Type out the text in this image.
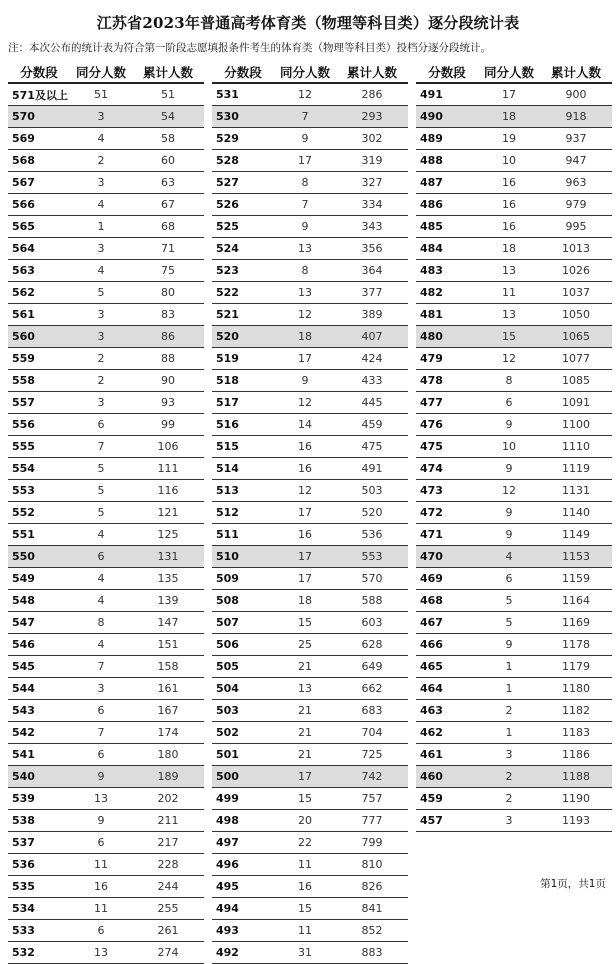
江苏省2023年普通高考体育类（物理等科目类）逐分段统计表
注：本次公布的统计表为符合第一阶段志愿填报条件考生的体育类（物理等科目类）投档分逐分段统计。
分数段	同分人数	累计人数
571及以上	51	51
570	3	54
569	4	58
568	2	60
567	3	63
566	4	67
565	1	68
564	3	71
563	4	75
562	5	80
561	3	83
560	3	86
559	2	88
558	2	90
557	3	93
556	6	99
555	7	106
554	5	111
553	5	116
552	5	121
551	4	125
550	6	131
549	4	135
548	4	139
547	8	147
546	4	151
545	7	158
544	3	161
543	6	167
542	7	174
541	6	180
540	9	189
539	13	202
538	9	211
537	6	217
536	11	228
535	16	244
534	11	255
533	6	261
532	13	274
分数段	同分人数	累计人数
531	12	286
530	7	293
529	9	302
528	17	319
527	8	327
526	7	334
525	9	343
524	13	356
523	8	364
522	13	377
521	12	389
520	18	407
519	17	424
518	9	433
517	12	445
516	14	459
515	16	475
514	16	491
513	12	503
512	17	520
511	16	536
510	17	553
509	17	570
508	18	588
507	15	603
506	25	628
505	21	649
504	13	662
503	21	683
502	21	704
501	21	725
500	17	742
499	15	757
498	20	777
497	22	799
496	11	810
495	16	826
494	15	841
493	11	852
492	31	883
分数段	同分人数	累计人数
491	17	900
490	18	918
489	19	937
488	10	947
487	16	963
486	16	979
485	16	995
484	18	1013
483	13	1026
482	11	1037
481	13	1050
480	15	1065
479	12	1077
478	8	1085
477	6	1091
476	9	1100
475	10	1110
474	9	1119
473	12	1131
472	9	1140
471	9	1149
470	4	1153
469	6	1159
468	5	1164
467	5	1169
466	9	1178
465	1	1179
464	1	1180
463	2	1182
462	1	1183
461	3	1186
460	2	1188
459	2	1190
457	3	1193
第1页，共1页
